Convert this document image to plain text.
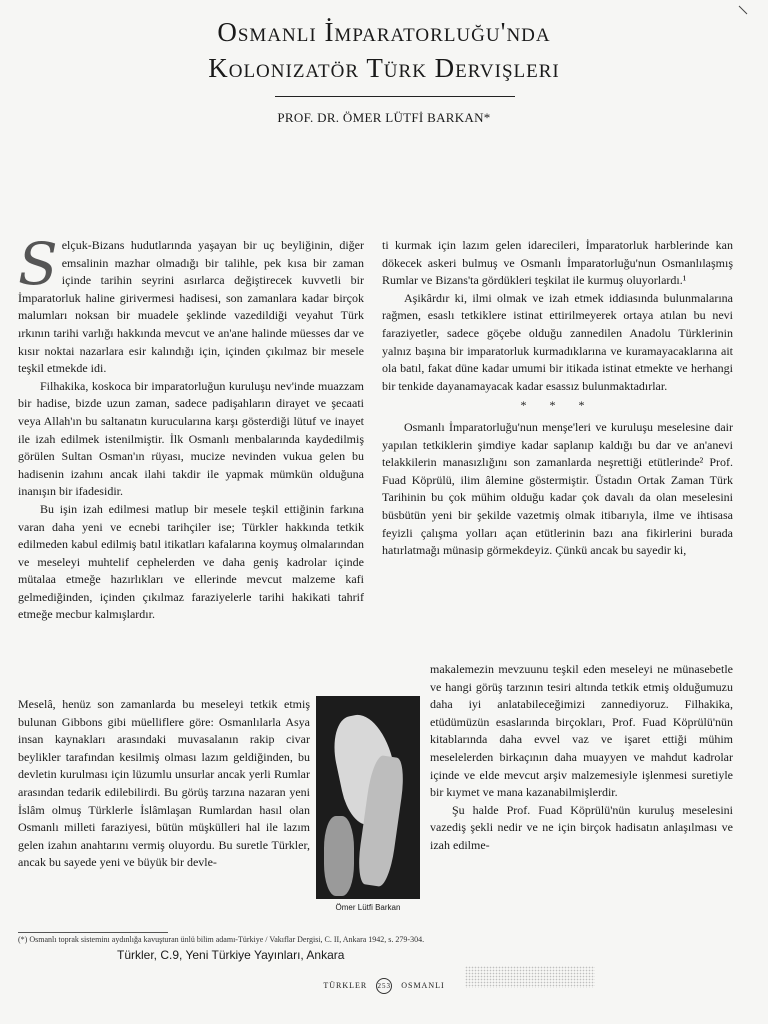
Osmanli İmparatorluğu'nda
Kolonizatör Türk Dervişleri
PROF. DR. ÖMER LÜTFİ BARKAN*
S elçuk-Bizans hudutlarında yaşayan bir uç beyliğinin, diğer emsalinin mazhar olmadığı bir talihle, pek kısa bir zaman içinde tarihin seyrini asırlarca değiştirecek kuvvetli bir İmparatorluk haline girivermesi hadisesi, son zamanlara kadar birçok malumları noksan bir muadele şeklinde vazedildiği veyahut Türk ırkının tarihi varlığı hakkında mevcut ve an'ane halinde müesses dar ve kısır noktai nazarlara esir kalındığı için, içinden çıkılmaz bir mesele teşkil etmekde idi.

Filhakika, koskoca bir imparatorluğun kuruluşu nev'inde muazzam bir hadise, bizde uzun zaman, sadece padişahların dirayet ve şecaati veya Allah'ın bu saltanatın kurucularına karşı gösterdiği lütuf ve inayet ile izah edilmek istenilmiştir. İlk Osmanlı menbalarında kaydedilmiş görülen Sultan Osman'ın rüyası, mucize nevinden vukua gelen bu hadisenin izahını ancak ilahi takdir ile yapmak mümkün olduğuna inanışın bir ifadesidir.

Bu işin izah edilmesi matlup bir mesele teşkil ettiğinin farkına varan daha yeni ve ecnebi tarihçiler ise; Türkler hakkında tetkik edilmeden kabul edilmiş batıl itikatları kafalarına koymuş olmalarından ve meseleyi muhtelif cephelerden ve daha geniş kadrolar içinde mütalaa etmeğe hazırlıkları ve ellerinde mevcut malzeme kafi gelmediğinden, içinden çıkılmaz faraziyelerle tarihi hakikati tahrif etmeğe mecbur kalmışlardır.

Meselâ, henüz son zamanlarda bu meseleyi tetkik etmiş bulunan Gibbons gibi müelliflere göre: Osmanlılarla Asya insan kaynakları arasındaki muvasalanın rakip civar beylikler tarafından kesilmiş olması lazım geldiğinden, bu devletin kurulması için lüzumlu unsurlar ancak yerli Rumlar arasından tedarik edilebilirdi. Bu görüş tarzına nazaran yeni İslâm olmuş Türklerle İslâmlaşan Rumlardan hasıl olan Osmanlı milleti faraziyesi, bütün müşkülleri hal ile lazım gelen izahın anahtarını vermiş oluyordu. Bu suretle Türkler, ancak bu sayede yeni ve büyük bir devle-

ti kurmak için lazım gelen idarecileri, İmparatorluk harblerinde kan dökecek askeri bulmuş ve Osmanlı İmparatorluğu'nun Osmanlılaşmış Rumlar ve Bizans'ta gördükleri teşkilat ile kurmuş oluyorlardı.¹

Aşikârdır ki, ilmi olmak ve izah etmek iddiasında bulunmalarına rağmen, esaslı tetkiklere istinat ettirilmeyerek ortaya atılan bu nevi faraziyetler, sadece göçebe olduğu zannedilen Anadolu Türklerinin yalnız başına bir imparatorluk kurmadıklarına ve kuramayacaklarına ait ola batıl, fakat düne kadar umumi bir itikada istinat etmekte ve herhangi bir tenkide dayanamayacak kadar esassız bulunmaktadırlar.

* * *

Osmanlı İmparatorluğu'nun menşe'leri ve kuruluşu meselesine dair yapılan tetkiklerin şimdiye kadar saplanıp kaldığı bu dar ve an'anevi telakkilerin manasızlığını son zamanlarda neşrettiği etütlerinde² Prof. Fuad Köprülü, ilim âlemine göstermiştir. Üstadın Ortak Zaman Türk Tarihinin bu çok mühim olduğu kadar çok davalı da olan meselesini büsbütün yeni bir şekilde vazetmiş olmak itibarıyla, ilme ve ihtisasa feyizli çalışma yolları açan etütlerinin bazı ana fikirlerini burada hatırlatmağı münasip görmekdeyiz. Çünkü ancak bu sayedir ki,

makalemezin mevzuunu teşkil eden meseleyi ne münasebetle ve hangi görüş tarzının tesiri altında tetkik etmiş olduğumuzu daha iyi anlatabileceğimizi zannediyoruz. Filhakika, etüdümüzün esaslarında birçokları, Prof. Fuad Köprülü'nün kitablarında daha evvel vaz ve işaret ettiği mühim meselelerden birkaçının daha muayyen ve mahdut kadrolar içinde ve elde mevcut arşiv malzemesiyle işlenmesi suretiyle bir kıymet ve mana kazanabilmişlerdir.

Şu halde Prof. Fuad Köprülü'nün kuruluş meselesini vazediş şekli nedir ve ne için birçok hadisatın anlaşılması ve izah edilme-

Ömer Lütfi Barkan
(*) Osmanlı toprak sisteminı aydınlığa kavuşturan ünlü bilim adamı-Türkiye / Vakıflar Dergisi, C. II, Ankara 1942, s. 279-304.
Türkler, C.9, Yeni Türkiye Yayınları, Ankara
TÜRKLER 253 OSMANLI
